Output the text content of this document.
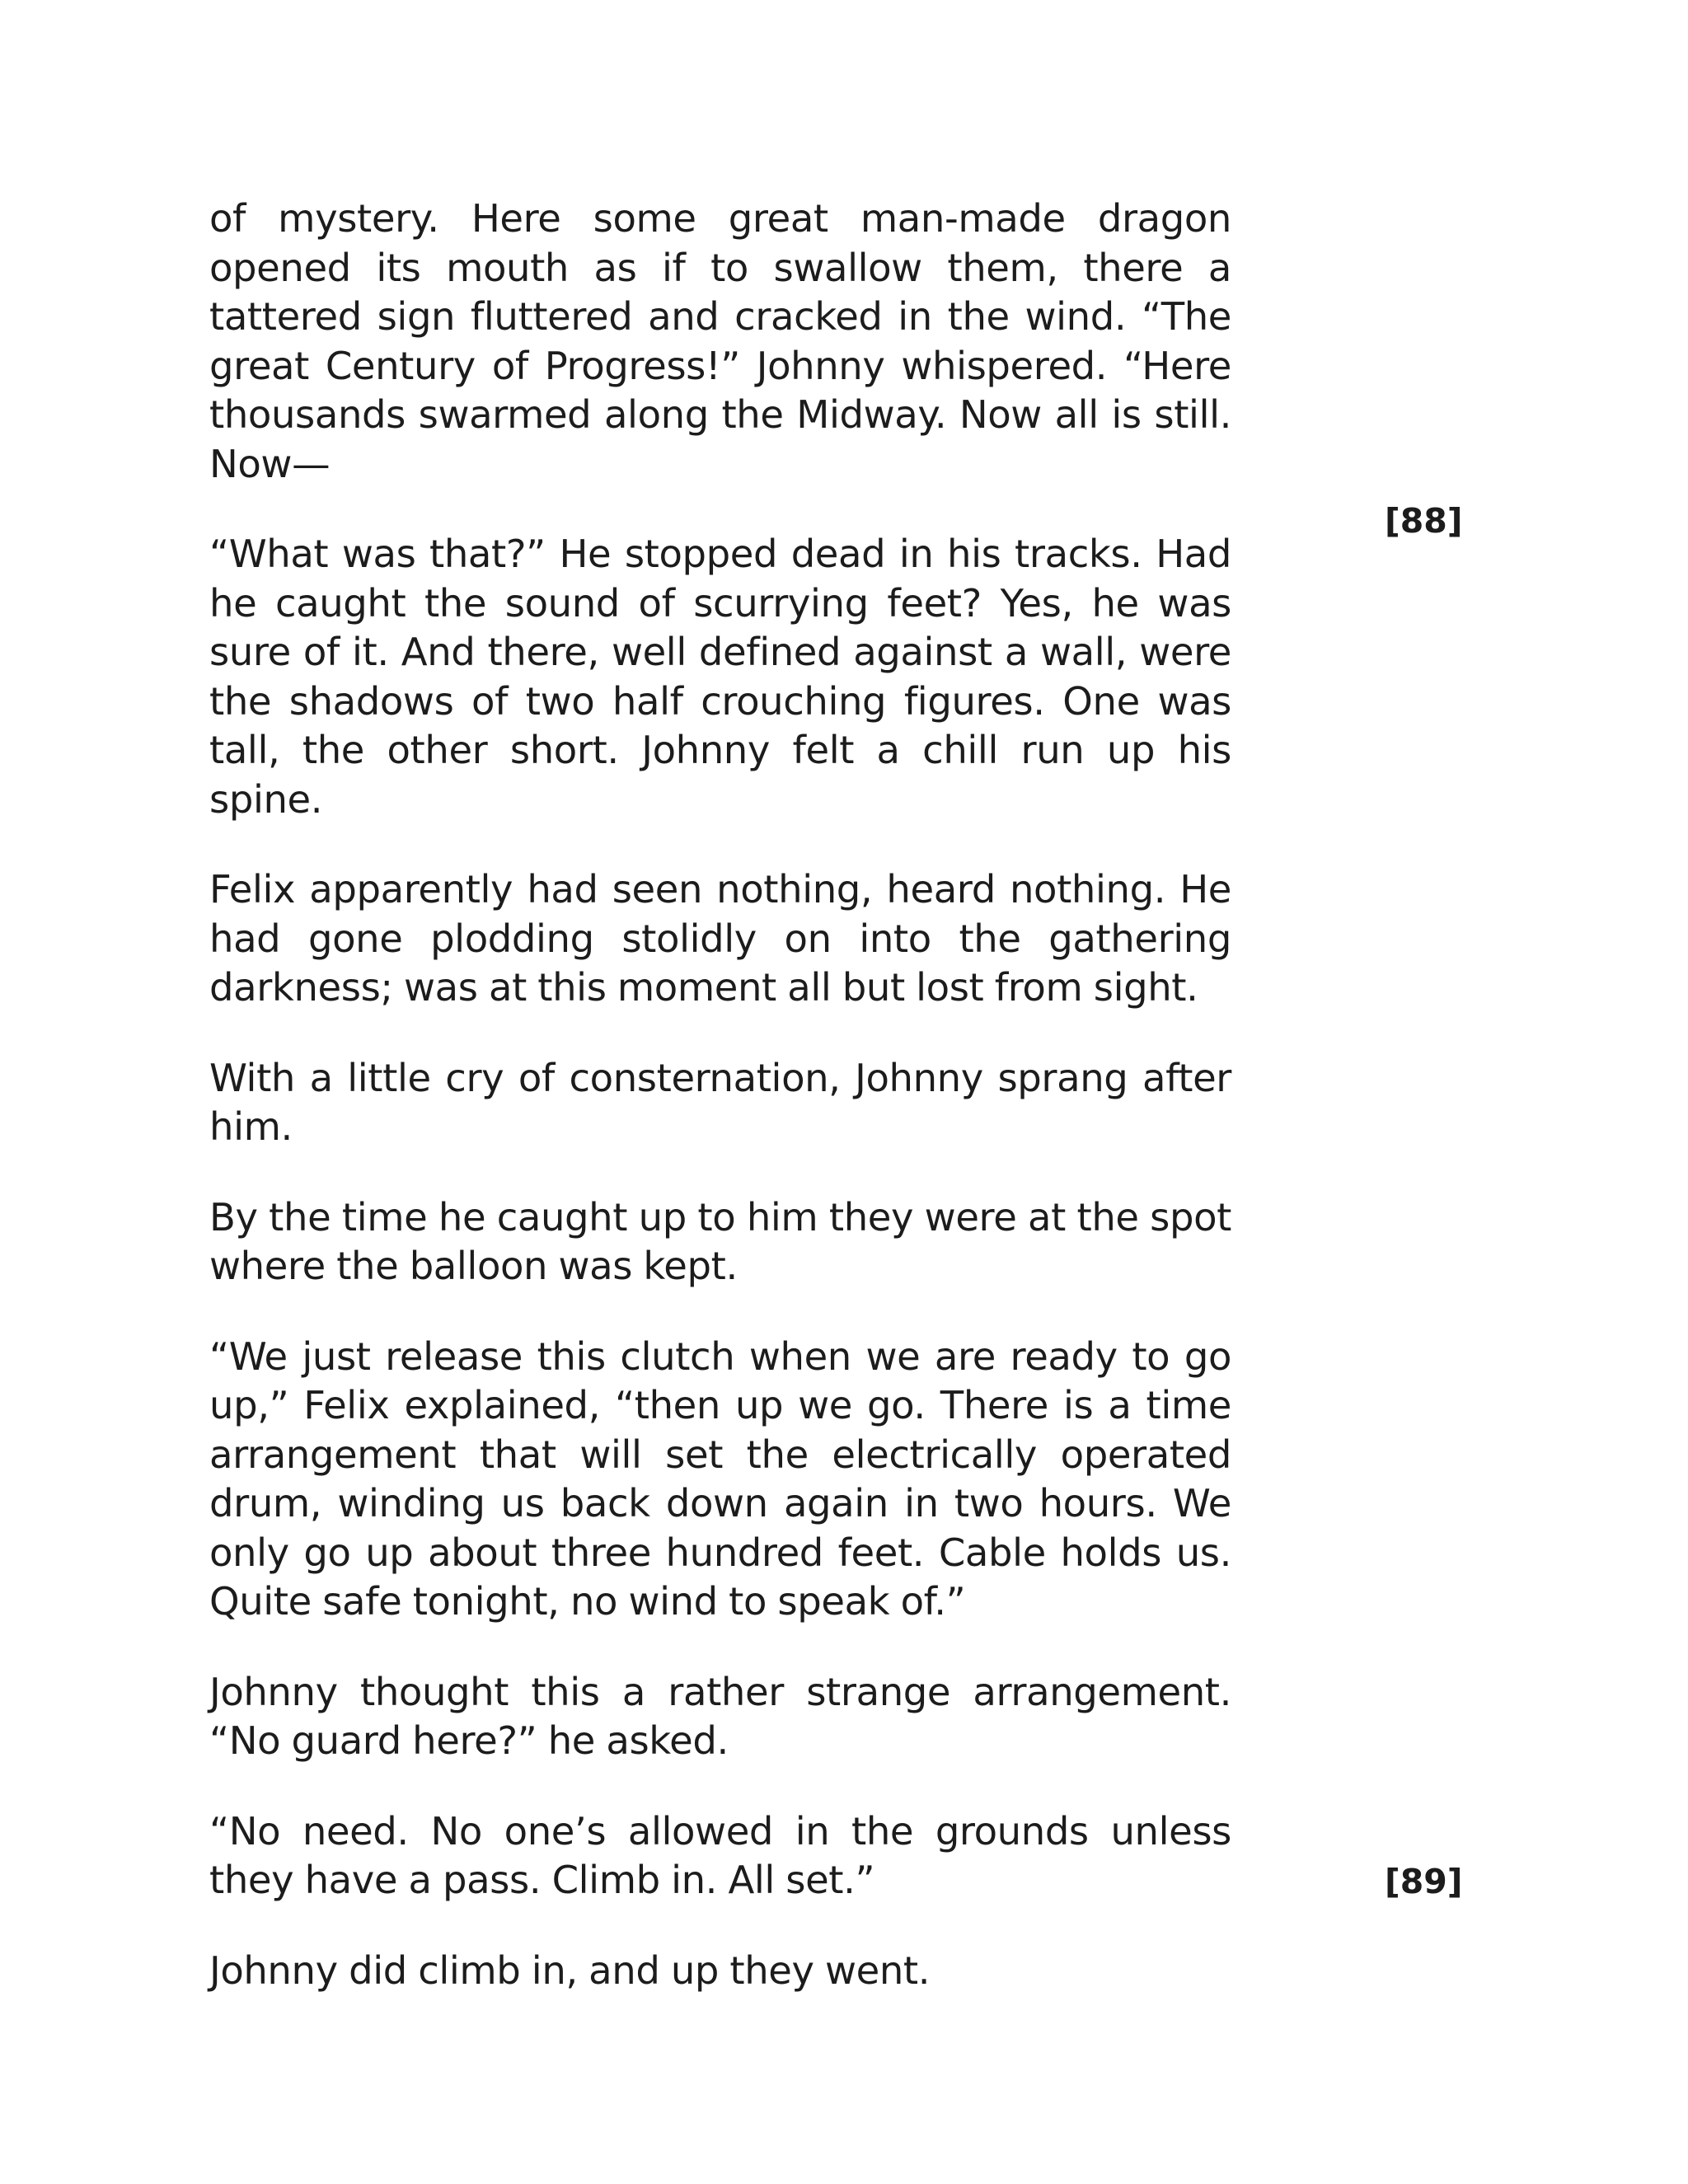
of mystery. Here some great man-made dragon opened its mouth as if to swallow them, there a tattered sign fluttered and cracked in the wind. “The great Century of Progress!” Johnny whispered. “Here thousands swarmed along the Midway. Now all is still. Now—

“What was that?” He stopped dead in his tracks. Had he caught the sound of scurrying feet? Yes, he was sure of it. And there, well defined against a wall, were the shadows of two half crouching figures. One was tall, the other short. Johnny felt a chill run up his spine.

Felix apparently had seen nothing, heard nothing. He had gone plodding stolidly on into the gathering darkness; was at this moment all but lost from sight.

With a little cry of consternation, Johnny sprang after him.

By the time he caught up to him they were at the spot where the balloon was kept.

“We just release this clutch when we are ready to go up,” Felix explained, “then up we go. There is a time arrangement that will set the electrically operated drum, winding us back down again in two hours. We only go up about three hundred feet. Cable holds us. Quite safe tonight, no wind to speak of.”

Johnny thought this a rather strange arrangement. “No guard here?” he asked.

“No need. No one’s allowed in the grounds unless they have a pass. Climb in. All set.”

Johnny did climb in, and up they went.

[88]
[89]
